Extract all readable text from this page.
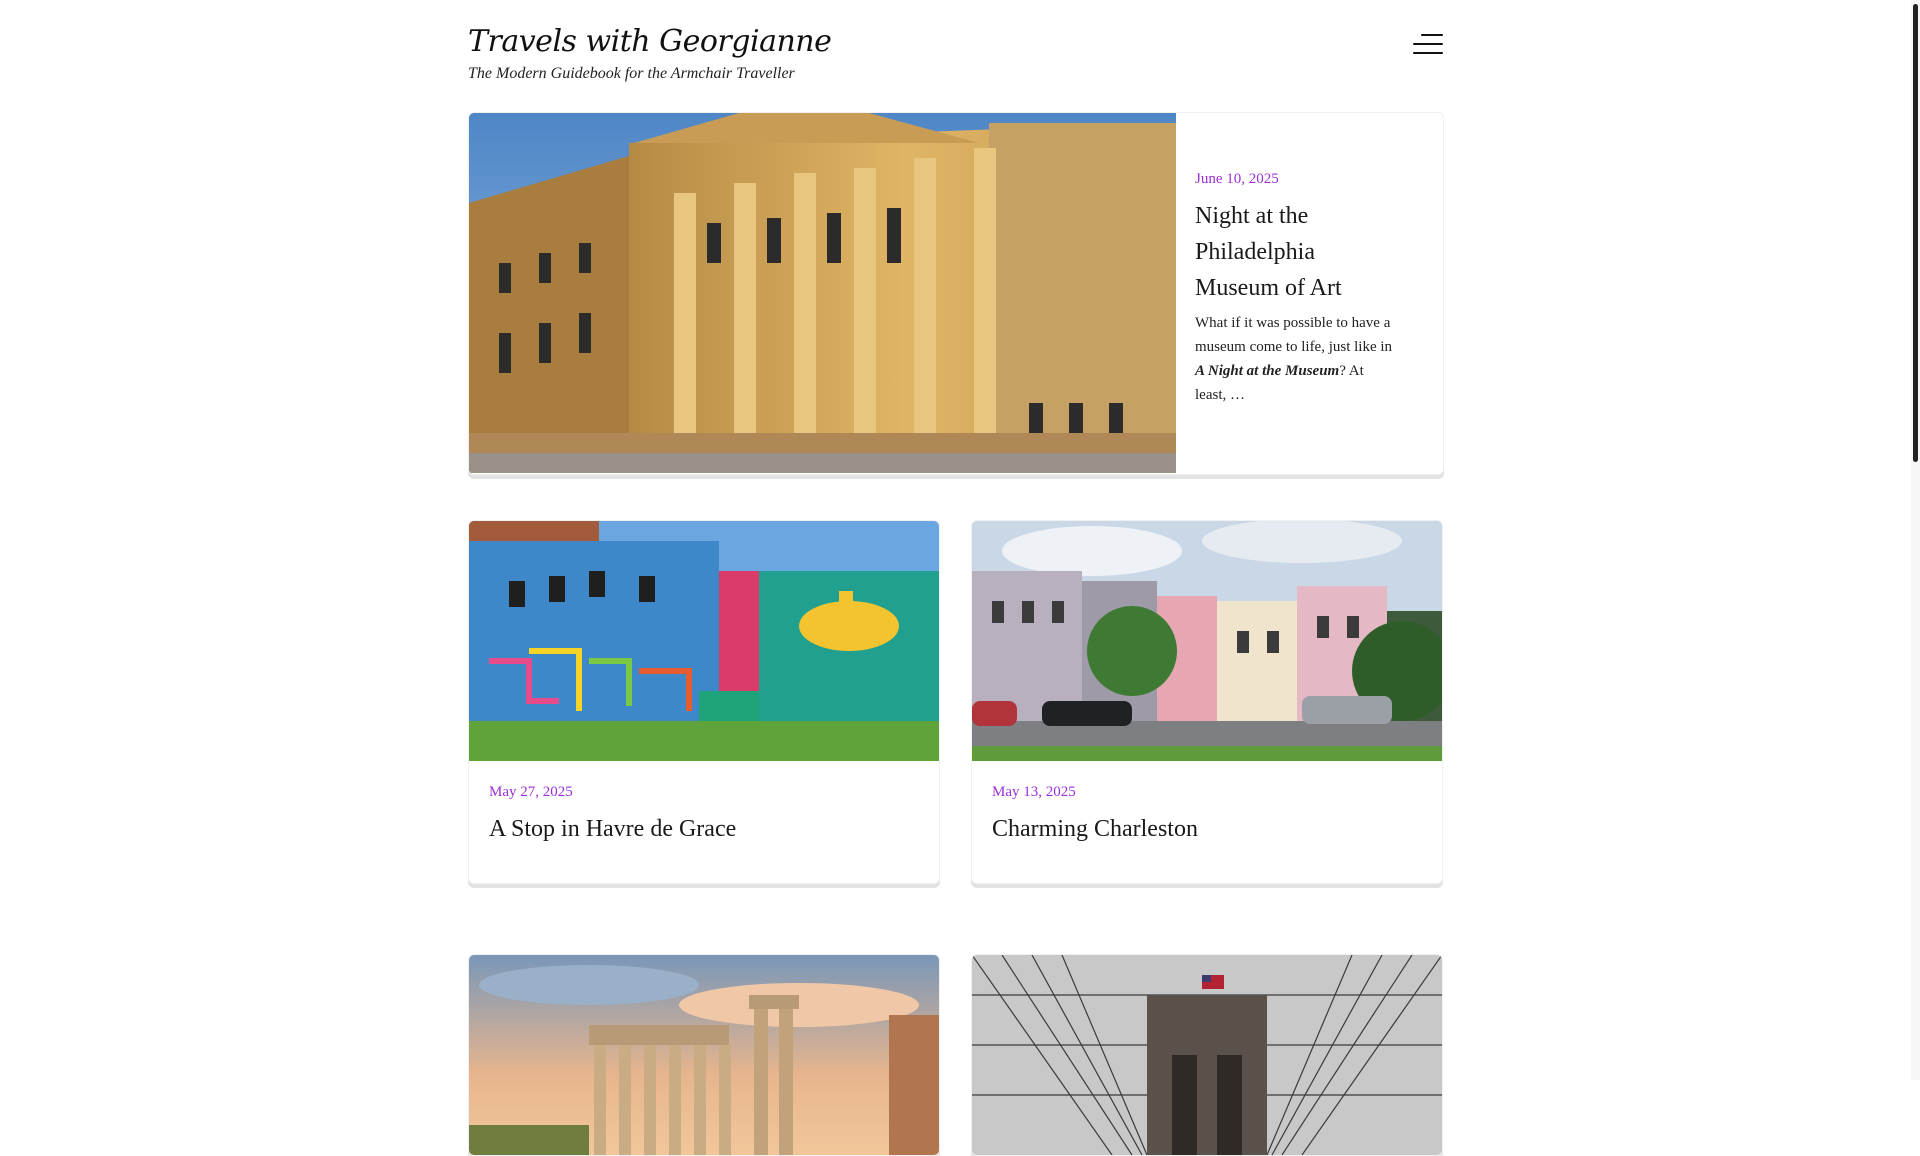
Travels with Georgianne
The Modern Guidebook for the Armchair Traveller
June 10, 2025
Night at the Philadelphia Museum of Art
What if it was possible to have a museum come to life, just like in A Night at the Museum? At least, …
May 27, 2025
A Stop in Havre de Grace
May 13, 2025
Charming Charleston
